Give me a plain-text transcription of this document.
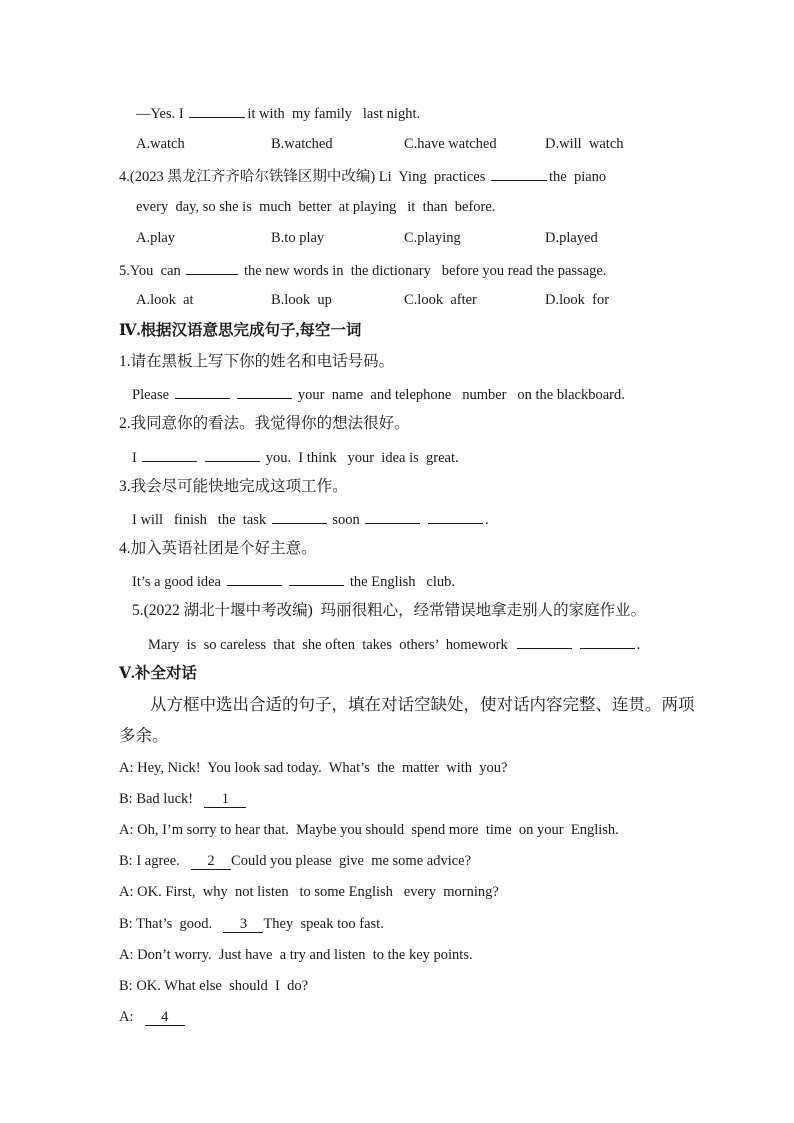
—Yes. I	it with  my family   last night.
A.watch	B.watched	C.have watched	D.will  watch
4.(2023 黑龙江齐齐哈尔铁锋区期中改编) Li  Ying  practices	the  piano
every  day, so she is  much  better  at playing   it  than  before.
A.play	B.to play	C.playing	D.played
5.You  can	the new words in  the dictionary   before you read the passage.
A.look  at	B.look  up	C.look  after	D.look  for
Ⅳ.根据汉语意思完成句子,每空一词
1.请在黑板上写下你的姓名和电话号码。
Please	your  name  and telephone   number   on the blackboard.
2.我同意你的看法。我觉得你的想法很好。
I	you.  I think   your  idea is  great.
3.我会尽可能快地完成这项工作。
I will   finish   the  task	soon	.
4.加入英语社团是个好主意。
It’s a good idea	the English   club.
5.(2022 湖北十堰中考改编)  玛丽很粗心，经常错误地拿走别人的家庭作业。
Mary  is  so careless  that  she often  takes  others’  homework	.
Ⅴ.补全对话
从方框中选出合适的句子，填在对话空缺处，使对话内容完整、连贯。两项
多余。
A: Hey, Nick!  You look sad today.  What’s  the  matter  with  you?
B: Bad luck!  1
A: Oh, I’m sorry to hear that.  Maybe you should  spend more  time  on your  English.
B: I agree.  2 Could you please  give  me some advice?
A: OK. First,  why  not listen   to some English   every  morning?
B: That’s  good.  3 They  speak too fast.
A: Don’t worry.  Just have  a try and listen  to the key points.
B: OK. What else  should  I  do?
A:  4
